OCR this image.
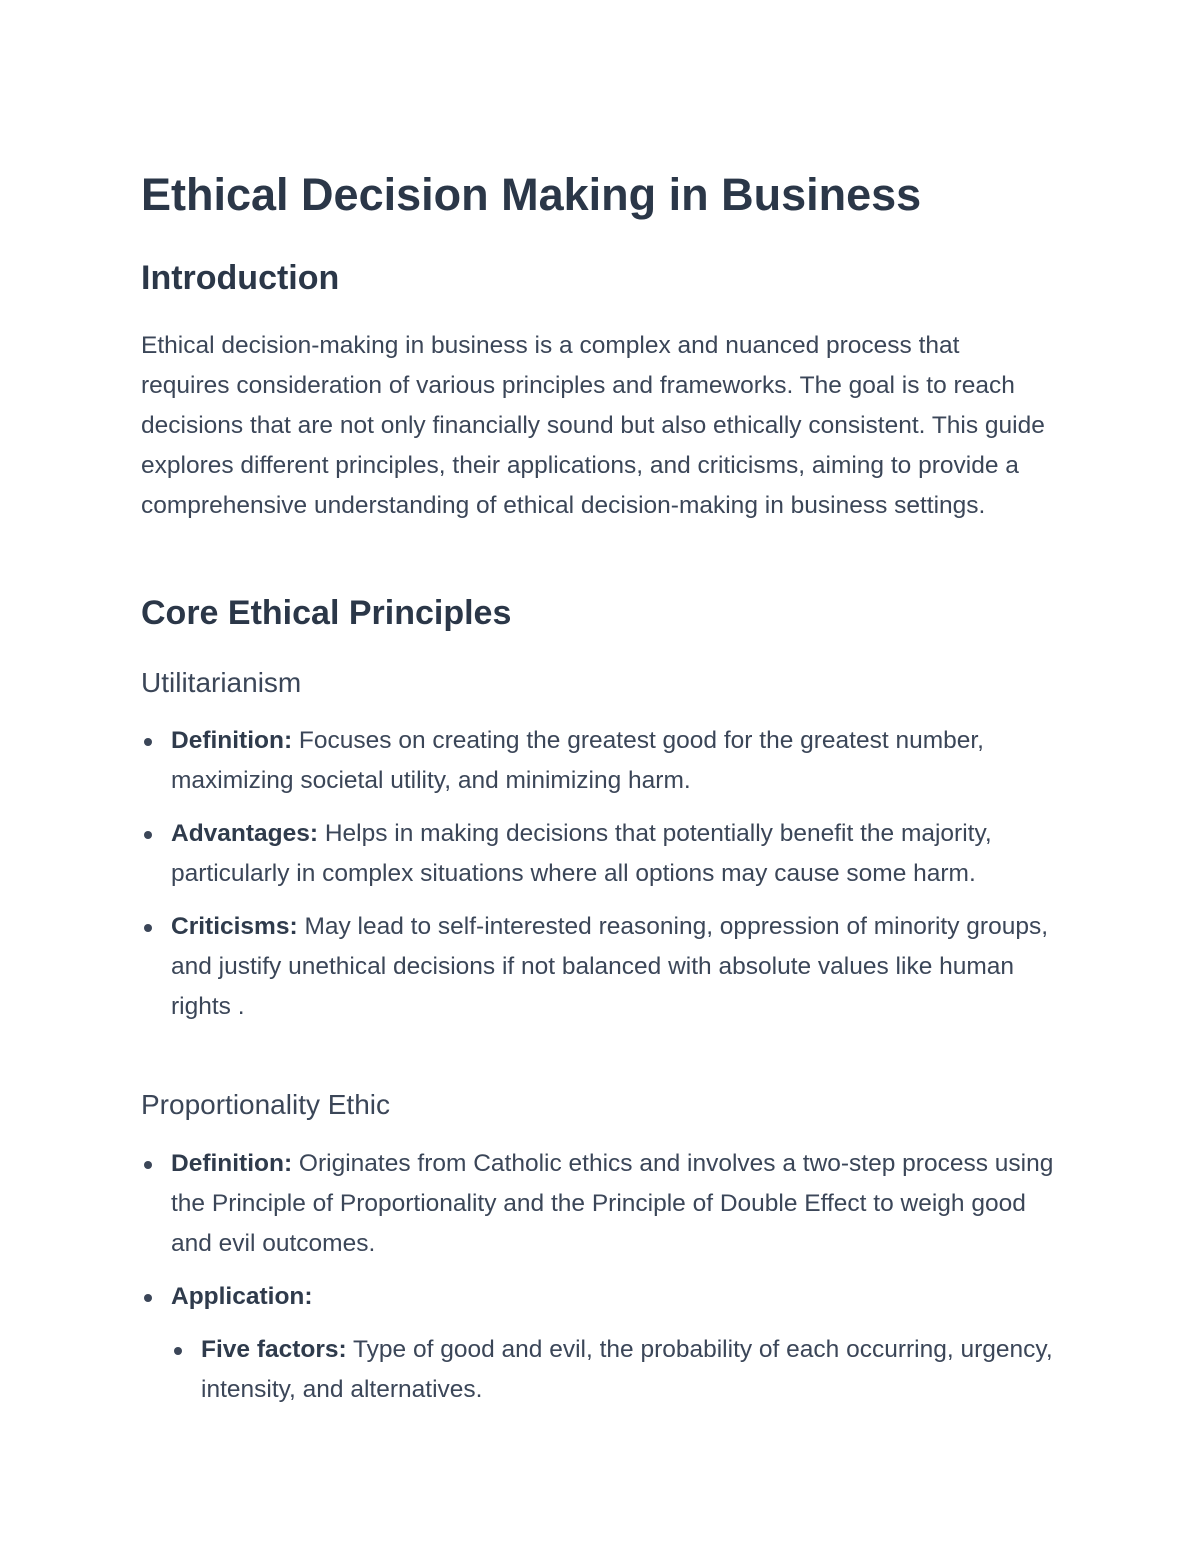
Ethical Decision Making in Business
Introduction

Ethical decision-making in business is a complex and nuanced process that requires consideration of various principles and frameworks. The goal is to reach decisions that are not only financially sound but also ethically consistent. This guide explores different principles, their applications, and criticisms, aiming to provide a comprehensive understanding of ethical decision-making in business settings.

Core Ethical Principles
Utilitarianism
Definition: Focuses on creating the greatest good for the greatest number, maximizing societal utility, and minimizing harm.
Advantages: Helps in making decisions that potentially benefit the majority, particularly in complex situations where all options may cause some harm.
Criticisms: May lead to self-interested reasoning, oppression of minority groups, and justify unethical decisions if not balanced with absolute values like human rights .
Proportionality Ethic
Definition: Originates from Catholic ethics and involves a two-step process using the Principle of Proportionality and the Principle of Double Effect to weigh good and evil outcomes.
Application:
Five factors: Type of good and evil, the probability of each occurring, urgency, intensity, and alternatives.
